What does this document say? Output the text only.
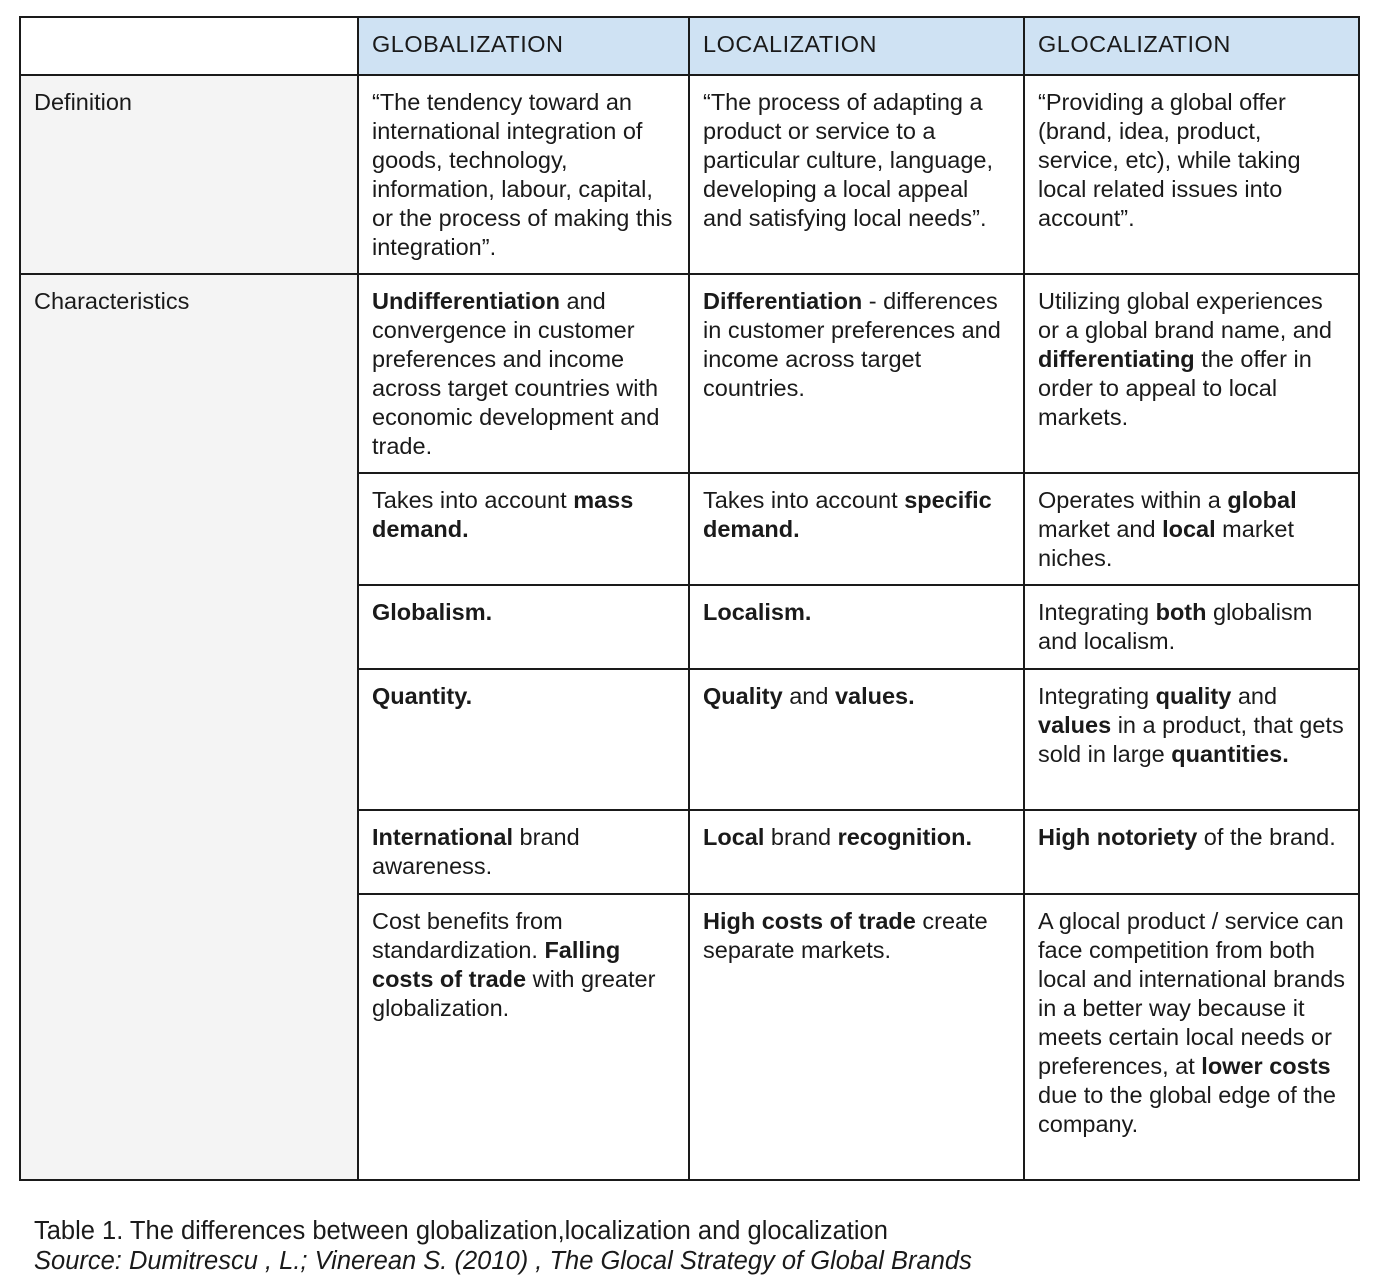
	GLOBALIZATION	LOCALIZATION	GLOCALIZATION
Definition	“The tendency toward an international integration of goods, technology, information, labour, capital, or the process of making this integration”.	“The process of adapting a product or service to a particular culture, language, developing a local appeal and satisfying local needs”.	“Providing a global offer (brand, idea, product, service, etc), while taking local related issues into account”.
Characteristics	Undifferentiation and convergence in customer preferences and income across target countries with economic development and trade.	Differentiation - differences in customer preferences and income across target countries.	Utilizing global experiences or a global brand name, and differentiating the offer in order to appeal to local markets.
	Takes into account mass demand.	Takes into account specific demand.	Operates within a global market and local market niches.
	Globalism.	Localism.	Integrating both globalism and localism.
	Quantity.	Quality and values.	Integrating quality and values in a product, that gets sold in large quantities.
	International brand awareness.	Local brand recognition.	High notoriety of the brand.
	Cost benefits from standardization. Falling costs of trade with greater globalization.	High costs of trade create separate markets.	A glocal product / service can face competition from both local and international brands in a better way because it meets certain local needs or preferences, at lower costs due to the global edge of the company.
Table 1. The differences between globalization,localization and glocalization
Source: Dumitrescu , L.; Vinerean S. (2010) , The Glocal Strategy of Global Brands
